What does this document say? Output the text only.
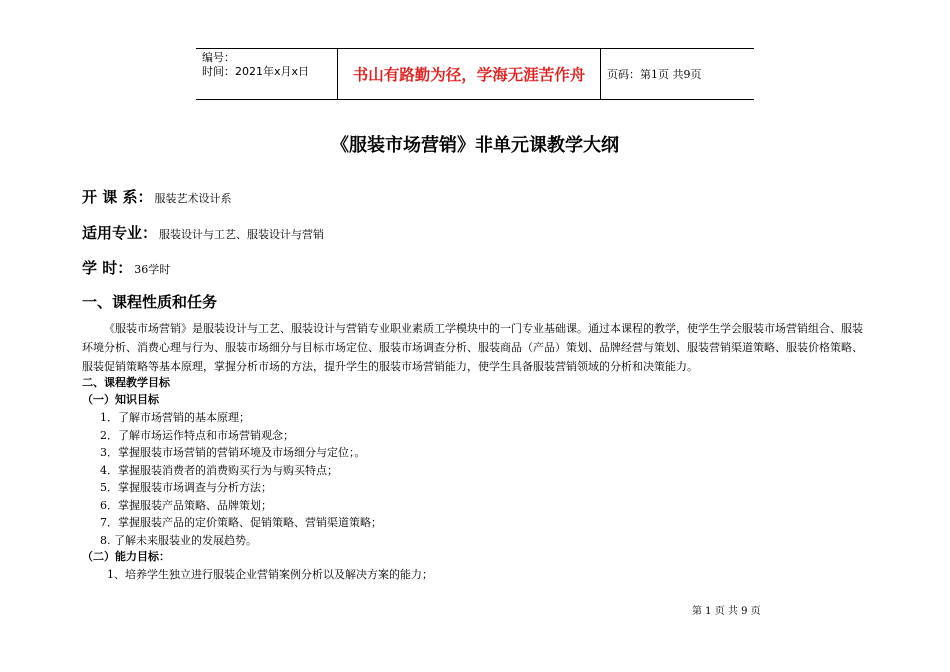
编号：
时间：2021年x月x日	书山有路勤为径，学海无涯苦作舟	页码：第1页 共9页
《服装市场营销》非单元课教学大纲
开 课 系： 服装艺术设计系
适用专业： 服装设计与工艺、服装设计与营销
学 时： 36学时
一、课程性质和任务

《服装市场营销》是服装设计与工艺、服装设计与营销专业职业素质工学模块中的一门专业基础课。通过本课程的教学，使学生学会服装市场营销组合、服装环境分析、消费心理与行为、服装市场细分与目标市场定位、服装市场调查分析、服装商品（产品）策划、品牌经营与策划、服装营销渠道策略、服装价格策略、服装促销策略等基本原理，掌握分析市场的方法，提升学生的服装市场营销能力，使学生具备服装营销领域的分析和决策能力。

二、课程教学目标
（一）知识目标
1．了解市场营销的基本原理；
2．了解市场运作特点和市场营销观念；
3．掌握服装市场营销的营销环境及市场细分与定位；。
4．掌握服装消费者的消费购买行为与购买特点；
5．掌握服装市场调查与分析方法；
6．掌握服装产品策略、品牌策划；
7．掌握服装产品的定价策略、促销策略、营销渠道策略；
8. 了解未来服装业的发展趋势。
（二）能力目标：
1、培养学生独立进行服装企业营销案例分析以及解决方案的能力；
第 1 页 共 9 页
